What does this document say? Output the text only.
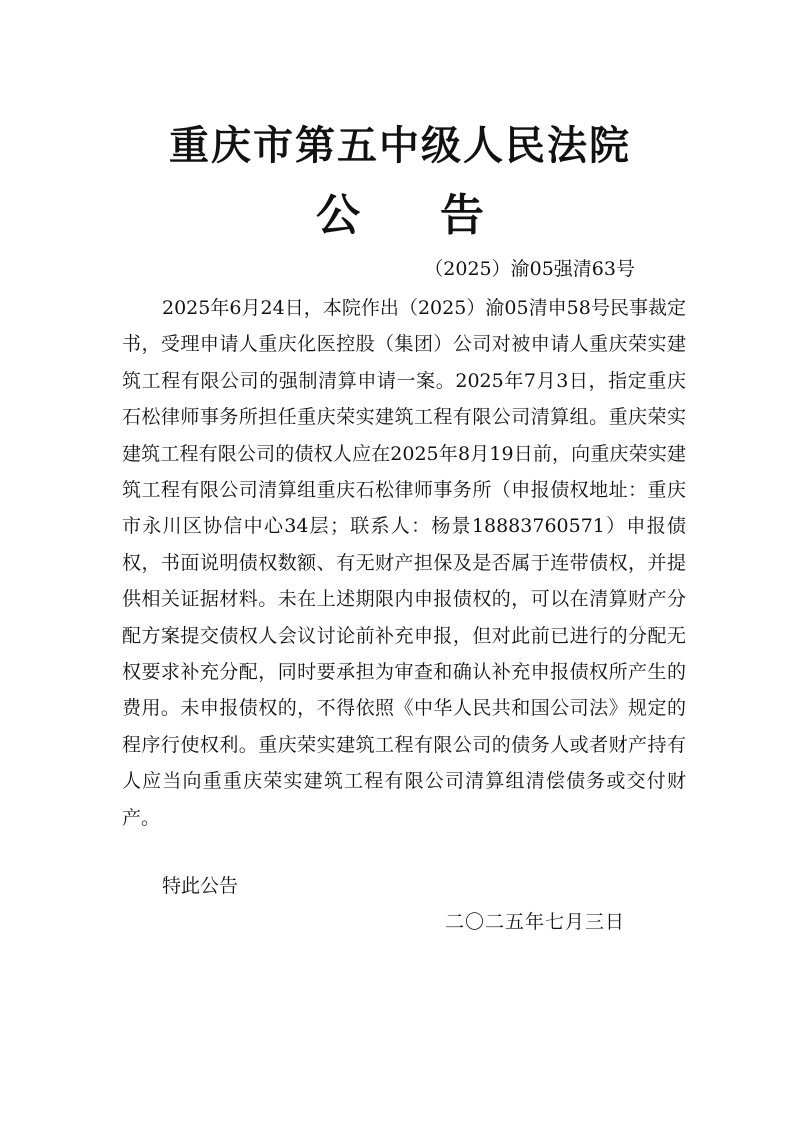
重庆市第五中级人民法院
公告
（2025）渝05强清63号

2025年6月24日，本院作出（2025）渝05清申58号民事裁定书，受理申请人重庆化医控股（集团）公司对被申请人重庆荣实建筑工程有限公司的强制清算申请一案。2025年7月3日，指定重庆石松律师事务所担任重庆荣实建筑工程有限公司清算组。重庆荣实建筑工程有限公司的债权人应在2025年8月19日前，向重庆荣实建筑工程有限公司清算组重庆石松律师事务所（申报债权地址：重庆市永川区协信中心34层；联系人：杨景18883760571）申报债权，书面说明债权数额、有无财产担保及是否属于连带债权，并提供相关证据材料。未在上述期限内申报债权的，可以在清算财产分配方案提交债权人会议讨论前补充申报，但对此前已进行的分配无权要求补充分配，同时要承担为审查和确认补充申报债权所产生的费用。未申报债权的，不得依照《中华人民共和国公司法》规定的程序行使权利。重庆荣实建筑工程有限公司的债务人或者财产持有人应当向重重庆荣实建筑工程有限公司清算组清偿债务或交付财产。

特此公告
二〇二五年七月三日
